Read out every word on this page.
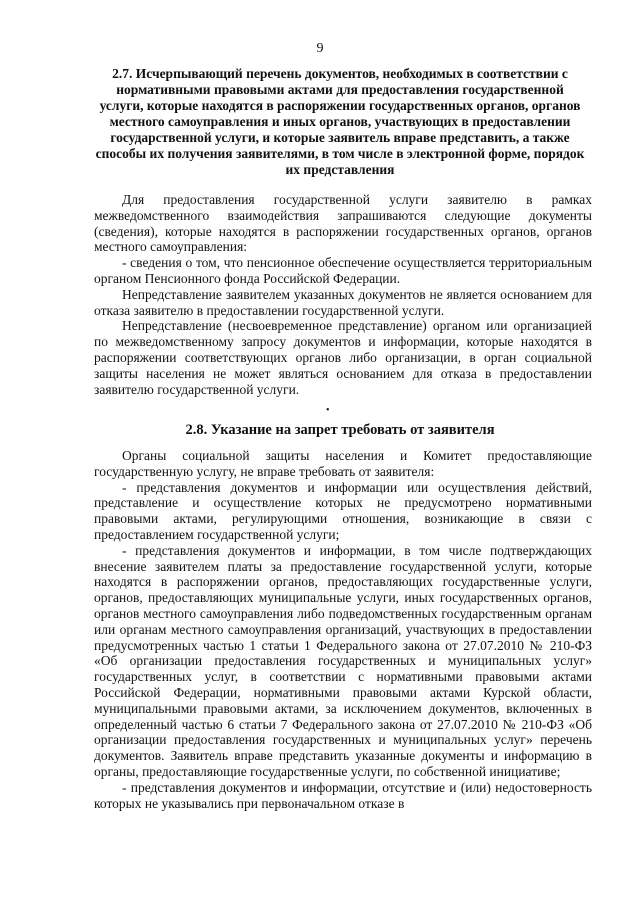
9
2.7. Исчерпывающий перечень документов, необходимых в соответствии с нормативными правовыми актами для предоставления государственной услуги, которые находятся в распоряжении государственных органов, органов местного самоуправления и иных органов, участвующих в предоставлении государственной услуги, и которые заявитель вправе представить, а также способы их получения заявителями, в том числе в электронной форме, порядок их представления

Для предоставления государственной услуги заявителю в рамках межведомственного взаимодействия запрашиваются следующие документы (сведения), которые находятся в распоряжении государственных органов, органов местного самоуправления:

- сведения о том, что пенсионное обеспечение осуществляется территориальным органом Пенсионного фонда Российской Федерации.

Непредставление заявителем указанных документов не является основанием для отказа заявителю в предоставлении государственной услуги.

Непредставление (несвоевременное представление) органом или организацией по межведомственному запросу документов и информации, которые находятся в распоряжении соответствующих органов либо организации, в орган социальной защиты населения не может являться основанием для отказа в предоставлении заявителю государственной услуги.

•
2.8. Указание на запрет требовать от заявителя

Органы социальной защиты населения и Комитет предоставляющие государственную услугу, не вправе требовать от заявителя:

- представления документов и информации или осуществления действий, представление и осуществление которых не предусмотрено нормативными правовыми актами, регулирующими отношения, возникающие в связи с предоставлением государственной услуги;

- представления документов и информации, в том числе подтверждающих внесение заявителем платы за предоставление государственной услуги, которые находятся в распоряжении органов, предоставляющих государственные услуги, органов, предоставляющих муниципальные услуги, иных государственных органов, органов местного самоуправления либо подведомственных государственным органам или органам местного самоуправления организаций, участвующих в предоставлении предусмотренных частью 1 статьи 1 Федерального закона от 27.07.2010 № 210-ФЗ «Об организации предоставления государственных и муниципальных услуг» государственных услуг, в соответствии с нормативными правовыми актами Российской Федерации, нормативными правовыми актами Курской области, муниципальными правовыми актами, за исключением документов, включенных в определенный частью 6 статьи 7 Федерального закона от 27.07.2010 № 210-ФЗ «Об организации предоставления государственных и муниципальных услуг» перечень документов. Заявитель вправе представить указанные документы и информацию в органы, предоставляющие государственные услуги, по собственной инициативе;

- представления документов и информации, отсутствие и (или) недостоверность которых не указывались при первоначальном отказе в
